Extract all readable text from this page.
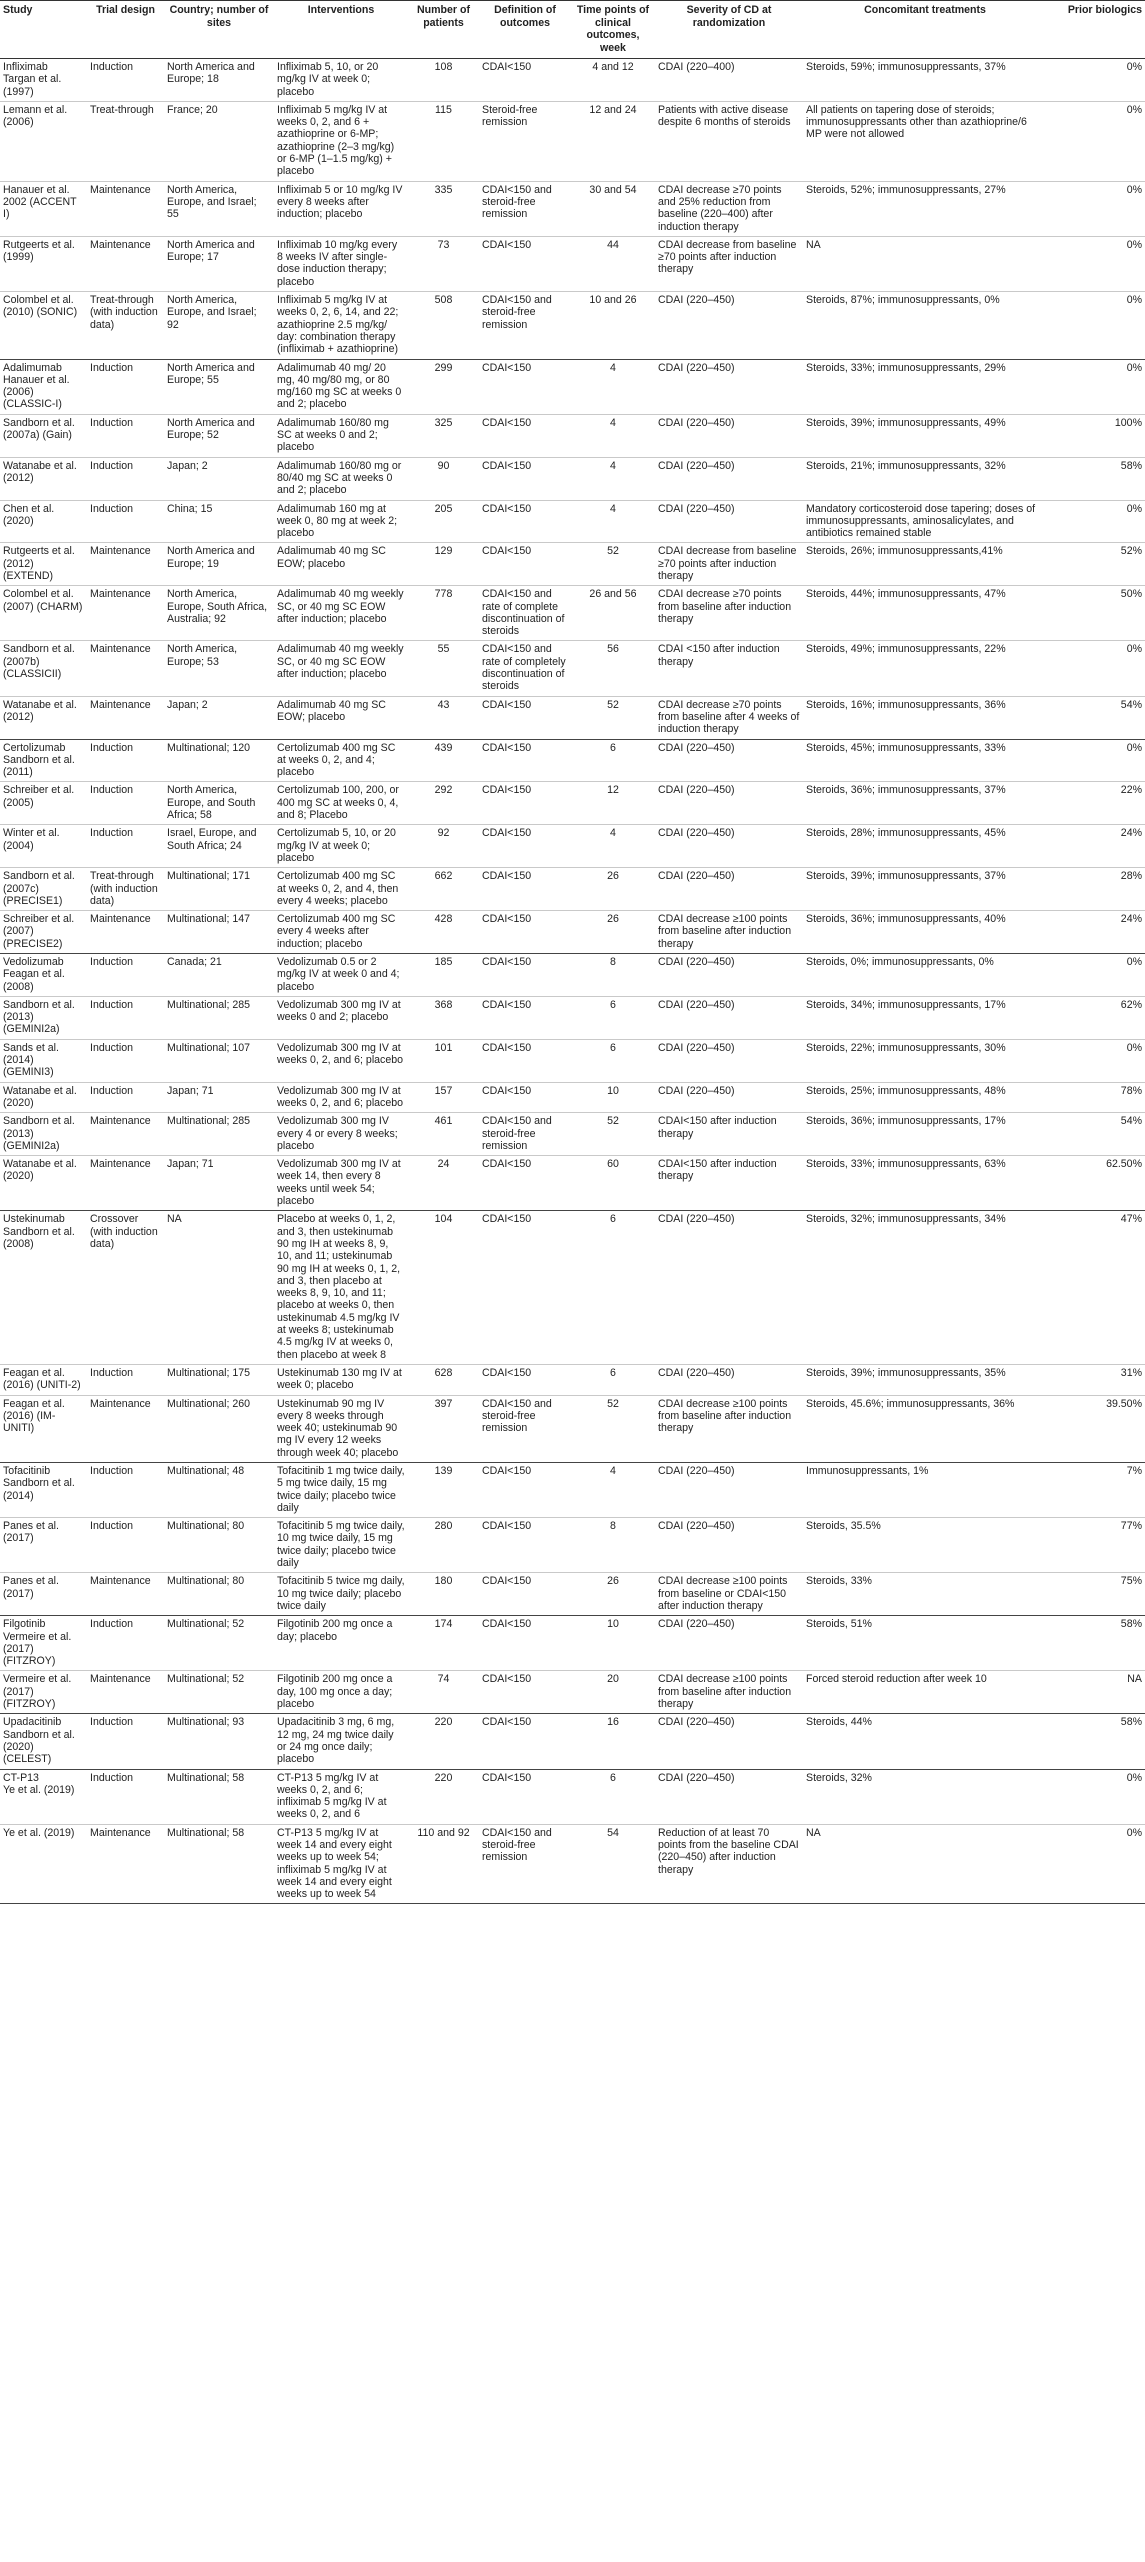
Study	Trial design	Country; number of sites	Interventions	Number of patients	Definition of outcomes	Time points of clinical outcomes, week	Severity of CD at randomization	Concomitant treatments	Prior biologics

Infliximab
Targan et al. (1997)	Induction	North America and Europe; 18	Infliximab 5, 10, or 20 mg/kg IV at week 0; placebo	108	CDAI<150	4 and 12	CDAI (220–400)	Steroids, 59%; immunosuppressants, 37%	0%
Lemann et al. (2006)	Treat-through	France; 20	Infliximab 5 mg/kg IV at weeks 0, 2, and 6 + azathioprine or 6-MP; azathioprine (2–3 mg/kg) or 6-MP (1–1.5 mg/kg) + placebo	115	Steroid-free remission	12 and 24	Patients with active disease despite 6 months of steroids	All patients on tapering dose of steroids; immunosuppressants other than azathioprine/6 MP were not allowed	0%
Hanauer et al. 2002 (ACCENT I)	Maintenance	North America, Europe, and Israel; 55	Infliximab 5 or 10 mg/kg IV every 8 weeks after induction; placebo	335	CDAI<150 and steroid-free remission	30 and 54	CDAI decrease ≥70 points and 25% reduction from baseline (220–400) after induction therapy	Steroids, 52%; immunosuppressants, 27%	0%
Rutgeerts et al. (1999)	Maintenance	North America and Europe; 17	Infliximab 10 mg/kg every 8 weeks IV after single-dose induction therapy; placebo	73	CDAI<150	44	CDAI decrease from baseline ≥70 points after induction therapy	NA	0%
Colombel et al. (2010) (SONIC)	Treat-through (with induction data)	North America, Europe, and Israel; 92	Infliximab 5 mg/kg IV at weeks 0, 2, 6, 14, and 22; azathioprine 2.5 mg/kg/ day: combination therapy (infliximab + azathioprine)	508	CDAI<150 and steroid-free remission	10 and 26	CDAI (220–450)	Steroids, 87%; immunosuppressants, 0%	0%

Adalimumab
Hanauer et al. (2006) (CLASSIC-I)	Induction	North America and Europe; 55	Adalimumab 40 mg/ 20 mg, 40 mg/80 mg, or 80 mg/160 mg SC at weeks 0 and 2; placebo	299	CDAI<150	4	CDAI (220–450)	Steroids, 33%; immunosuppressants, 29%	0%
Sandborn et al. (2007a) (Gain)	Induction	North America and Europe; 52	Adalimumab 160/80 mg SC at weeks 0 and 2; placebo	325	CDAI<150	4	CDAI (220–450)	Steroids, 39%; immunosuppressants, 49%	100%
Watanabe et al. (2012)	Induction	Japan; 2	Adalimumab 160/80 mg or 80/40 mg SC at weeks 0 and 2; placebo	90	CDAI<150	4	CDAI (220–450)	Steroids, 21%; immunosuppressants, 32%	58%
Chen et al. (2020)	Induction	China; 15	Adalimumab 160 mg at week 0, 80 mg at week 2; placebo	205	CDAI<150	4	CDAI (220–450)	Mandatory corticosteroid dose tapering; doses of immunosuppressants, aminosalicylates, and antibiotics remained stable	0%
Rutgeerts et al. (2012) (EXTEND)	Maintenance	North America and Europe; 19	Adalimumab 40 mg SC EOW; placebo	129	CDAI<150	52	CDAI decrease from baseline ≥70 points after induction therapy	Steroids, 26%; immunosuppressants,41%	52%
Colombel et al. (2007) (CHARM)	Maintenance	North America, Europe, South Africa, Australia; 92	Adalimumab 40 mg weekly SC, or 40 mg SC EOW after induction; placebo	778	CDAI<150 and rate of complete discontinuation of steroids	26 and 56	CDAI decrease ≥70 points from baseline after induction therapy	Steroids, 44%; immunosuppressants, 47%	50%
Sandborn et al. (2007b) (CLASSICII)	Maintenance	North America, Europe; 53	Adalimumab 40 mg weekly SC, or 40 mg SC EOW after induction; placebo	55	CDAI<150 and rate of completely discontinuation of steroids	56	CDAI <150 after induction therapy	Steroids, 49%; immunosuppressants, 22%	0%
Watanabe et al. (2012)	Maintenance	Japan; 2	Adalimumab 40 mg SC EOW; placebo	43	CDAI<150	52	CDAI decrease ≥70 points from baseline after 4 weeks of induction therapy	Steroids, 16%; immunosuppressants, 36%	54%

Certolizumab
Sandborn et al. (2011)	Induction	Multinational; 120	Certolizumab 400 mg SC at weeks 0, 2, and 4; placebo	439	CDAI<150	6	CDAI (220–450)	Steroids, 45%; immunosuppressants, 33%	0%
Schreiber et al. (2005)	Induction	North America, Europe, and South Africa; 58	Certolizumab 100, 200, or 400 mg SC at weeks 0, 4, and 8; Placebo	292	CDAI<150	12	CDAI (220–450)	Steroids, 36%; immunosuppressants, 37%	22%
Winter et al. (2004)	Induction	Israel, Europe, and South Africa; 24	Certolizumab 5, 10, or 20 mg/kg IV at week 0; placebo	92	CDAI<150	4	CDAI (220–450)	Steroids, 28%; immunosuppressants, 45%	24%
Sandborn et al. (2007c) (PRECISE1)	Treat-through (with induction data)	Multinational; 171	Certolizumab 400 mg SC at weeks 0, 2, and 4, then every 4 weeks; placebo	662	CDAI<150	26	CDAI (220–450)	Steroids, 39%; immunosuppressants, 37%	28%
Schreiber et al. (2007) (PRECISE2)	Maintenance	Multinational; 147	Certolizumab 400 mg SC every 4 weeks after induction; placebo	428	CDAI<150	26	CDAI decrease ≥100 points from baseline after induction therapy	Steroids, 36%; immunosuppressants, 40%	24%

Vedolizumab
Feagan et al. (2008)	Induction	Canada; 21	Vedolizumab 0.5 or 2 mg/kg IV at week 0 and 4; placebo	185	CDAI<150	8	CDAI (220–450)	Steroids, 0%; immunosuppressants, 0%	0%
Sandborn et al. (2013) (GEMINI2a)	Induction	Multinational; 285	Vedolizumab 300 mg IV at weeks 0 and 2; placebo	368	CDAI<150	6	CDAI (220–450)	Steroids, 34%; immunosuppressants, 17%	62%
Sands et al. (2014) (GEMINI3)	Induction	Multinational; 107	Vedolizumab 300 mg IV at weeks 0, 2, and 6; placebo	101	CDAI<150	6	CDAI (220–450)	Steroids, 22%; immunosuppressants, 30%	0%
Watanabe et al. (2020)	Induction	Japan; 71	Vedolizumab 300 mg IV at weeks 0, 2, and 6; placebo	157	CDAI<150	10	CDAI (220–450)	Steroids, 25%; immunosuppressants, 48%	78%
Sandborn et al. (2013) (GEMINI2a)	Maintenance	Multinational; 285	Vedolizumab 300 mg IV every 4 or every 8 weeks; placebo	461	CDAI<150 and steroid-free remission	52	CDAI<150 after induction therapy	Steroids, 36%; immunosuppressants, 17%	54%
Watanabe et al. (2020)	Maintenance	Japan; 71	Vedolizumab 300 mg IV at week 14, then every 8 weeks until week 54; placebo	24	CDAI<150	60	CDAI<150 after induction therapy	Steroids, 33%; immunosuppressants, 63%	62.50%

Ustekinumab
Sandborn et al. (2008)	Crossover (with induction data)	NA	Placebo at weeks 0, 1, 2, and 3, then ustekinumab 90 mg IH at weeks 8, 9, 10, and 11; ustekinumab 90 mg IH at weeks 0, 1, 2, and 3, then placebo at weeks 8, 9, 10, and 11; placebo at weeks 0, then ustekinumab 4.5 mg/kg IV at weeks 8; ustekinumab 4.5 mg/kg IV at weeks 0, then placebo at week 8	104	CDAI<150	6	CDAI (220–450)	Steroids, 32%; immunosuppressants, 34%	47%
Feagan et al. (2016) (UNITI-2)	Induction	Multinational; 175	Ustekinumab 130 mg IV at week 0; placebo	628	CDAI<150	6	CDAI (220–450)	Steroids, 39%; immunosuppressants, 35%	31%
Feagan et al. (2016) (IM-UNITI)	Maintenance	Multinational; 260	Ustekinumab 90 mg IV every 8 weeks through week 40; ustekinumab 90 mg IV every 12 weeks through week 40; placebo	397	CDAI<150 and steroid-free remission	52	CDAI decrease ≥100 points from baseline after induction therapy	Steroids, 45.6%; immunosuppressants, 36%	39.50%

Tofacitinib
Sandborn et al. (2014)	Induction	Multinational; 48	Tofacitinib 1 mg twice daily, 5 mg twice daily, 15 mg twice daily; placebo twice daily	139	CDAI<150	4	CDAI (220–450)	Immunosuppressants, 1%	7%
Panes et al. (2017)	Induction	Multinational; 80	Tofacitinib 5 mg twice daily, 10 mg twice daily, 15 mg twice daily; placebo twice daily	280	CDAI<150	8	CDAI (220–450)	Steroids, 35.5%	77%
Panes et al. (2017)	Maintenance	Multinational; 80	Tofacitinib 5 twice mg daily, 10 mg twice daily; placebo twice daily	180	CDAI<150	26	CDAI decrease ≥100 points from baseline or CDAI<150 after induction therapy	Steroids, 33%	75%

Filgotinib
Vermeire et al. (2017) (FITZROY)	Induction	Multinational; 52	Filgotinib 200 mg once a day; placebo	174	CDAI<150	10	CDAI (220–450)	Steroids, 51%	58%
Vermeire et al. (2017) (FITZROY)	Maintenance	Multinational; 52	Filgotinib 200 mg once a day, 100 mg once a day; placebo	74	CDAI<150	20	CDAI decrease ≥100 points from baseline after induction therapy	Forced steroid reduction after week 10	NA

Upadacitinib
Sandborn et al. (2020) (CELEST)	Induction	Multinational; 93	Upadacitinib 3 mg, 6 mg, 12 mg, 24 mg twice daily or 24 mg once daily; placebo	220	CDAI<150	16	CDAI (220–450)	Steroids, 44%	58%

CT-P13
Ye et al. (2019)	Induction	Multinational; 58	CT-P13 5 mg/kg IV at weeks 0, 2, and 6; infliximab 5 mg/kg IV at weeks 0, 2, and 6	220	CDAI<150	6	CDAI (220–450)	Steroids, 32%	0%
Ye et al. (2019)	Maintenance	Multinational; 58	CT-P13 5 mg/kg IV at week 14 and every eight weeks up to week 54; infliximab 5 mg/kg IV at week 14 and every eight weeks up to week 54	110 and 92	CDAI<150 and steroid-free remission	54	Reduction of at least 70 points from the baseline CDAI (220–450) after induction therapy	NA	0%
